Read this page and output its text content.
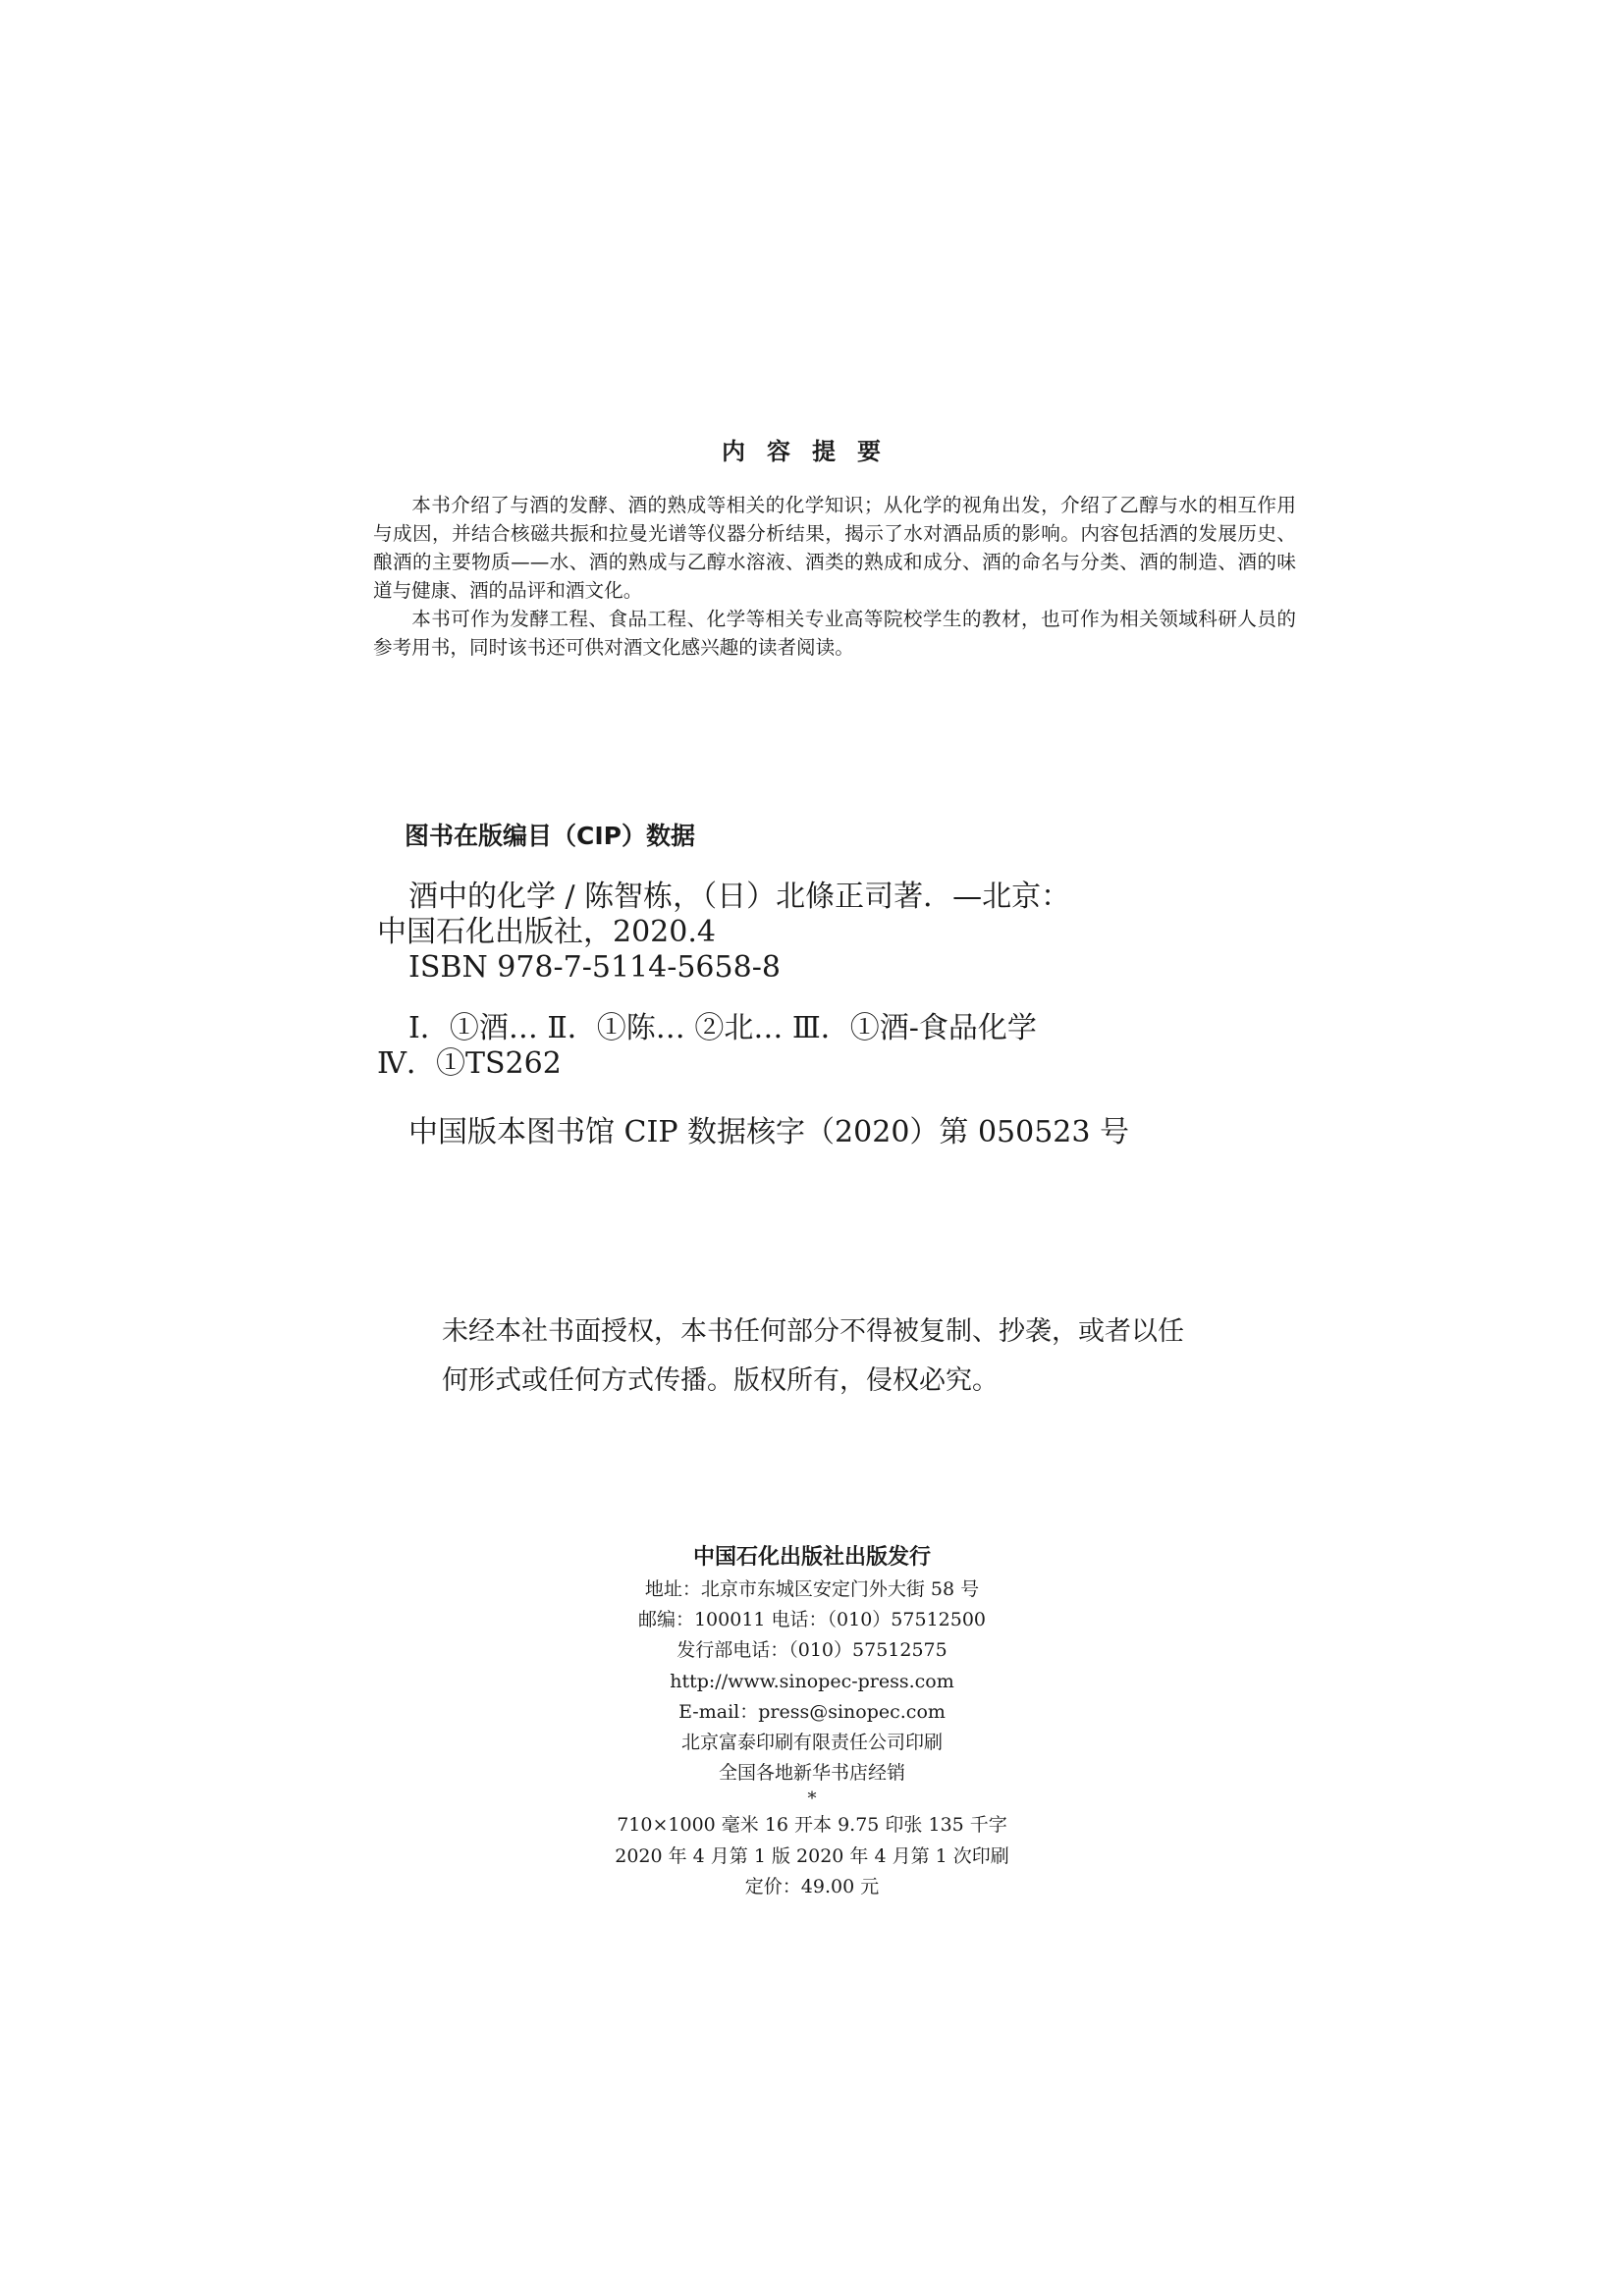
内容提要

本书介绍了与酒的发酵、酒的熟成等相关的化学知识；从化学的视角出发，介绍了乙醇与水的相互作用与成因，并结合核磁共振和拉曼光谱等仪器分析结果，揭示了水对酒品质的影响。内容包括酒的发展历史、酿酒的主要物质——水、酒的熟成与乙醇水溶液、酒类的熟成和成分、酒的命名与分类、酒的制造、酒的味道与健康、酒的品评和酒文化。

本书可作为发酵工程、食品工程、化学等相关专业高等院校学生的教材，也可作为相关领域科研人员的参考用书，同时该书还可供对酒文化感兴趣的读者阅读。

图书在版编目（CIP）数据
酒中的化学 / 陈智栋，（日）北條正司著．—北京：
中国石化出版社，2020.4
ISBN 978-7-5114-5658-8
Ⅰ．①酒… Ⅱ．①陈… ②北… Ⅲ．①酒-食品化学
Ⅳ．①TS262
中国版本图书馆 CIP 数据核字（2020）第 050523 号
未经本社书面授权，本书任何部分不得被复制、抄袭，或者以任
何形式或任何方式传播。版权所有，侵权必究。
中国石化出版社出版发行
地址：北京市东城区安定门外大街 58 号
邮编：100011 电话：（010）57512500
发行部电话：（010）57512575
http://www.sinopec-press.com
E-mail：press@sinopec.com
北京富泰印刷有限责任公司印刷
全国各地新华书店经销
*
710×1000 毫米 16 开本 9.75 印张 135 千字
2020 年 4 月第 1 版 2020 年 4 月第 1 次印刷
定价：49.00 元
